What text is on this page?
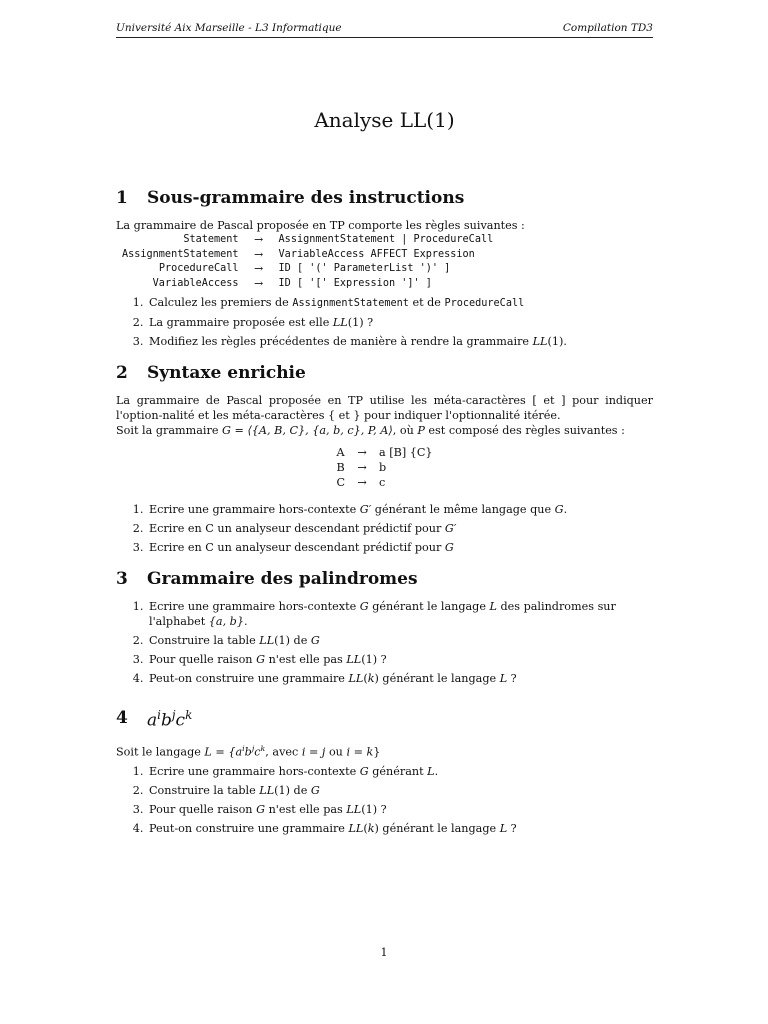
Université Aix Marseille - L3 Informatique	Compilation TD3
Analyse LL(1)
1	Sous-grammaire des instructions

La grammaire de Pascal proposée en TP comporte les règles suivantes :

Statement	→	AssignmentStatement | ProcedureCall
AssignmentStatement	→	VariableAccess AFFECT Expression
ProcedureCall	→	ID [ '(' ParameterList ')' ]
VariableAccess	→	ID [ '[' Expression ']' ]
1. Calculez les premiers de AssignmentStatement et de ProcedureCall
2. La grammaire proposée est elle LL(1) ?
3. Modifiez les règles précédentes de manière à rendre la grammaire LL(1).
2	Syntaxe enrichie

La grammaire de Pascal proposée en TP utilise les méta-caractères [ et ] pour indiquer l'option-nalité et les méta-caractères { et } pour indiquer l'optionnalité itérée.

Soit la grammaire G = ⟨{A, B, C}, {a, b, c}, P, A⟩, où P est composé des règles suivantes :

A	→	a [B] {C}
B	→	b
C	→	c
1. Ecrire une grammaire hors-contexte G′ générant le même langage que G.
2. Ecrire en C un analyseur descendant prédictif pour G′
3. Ecrire en C un analyseur descendant prédictif pour G
3	Grammaire des palindromes
1. Ecrire une grammaire hors-contexte G générant le langage L des palindromes sur l'alphabet {a, b}.
2. Construire la table LL(1) de G
3. Pour quelle raison G n'est elle pas LL(1) ?
4. Peut-on construire une grammaire LL(k) générant le langage L ?
4	$a^ib^jc^k$

Soit le langage $L = \{a^ib^jc^k$, avec i = j ou i = k}

1. Ecrire une grammaire hors-contexte G générant L.
2. Construire la table LL(1) de G
3. Pour quelle raison G n'est elle pas LL(1) ?
4. Peut-on construire une grammaire LL(k) générant le langage L ?
1
